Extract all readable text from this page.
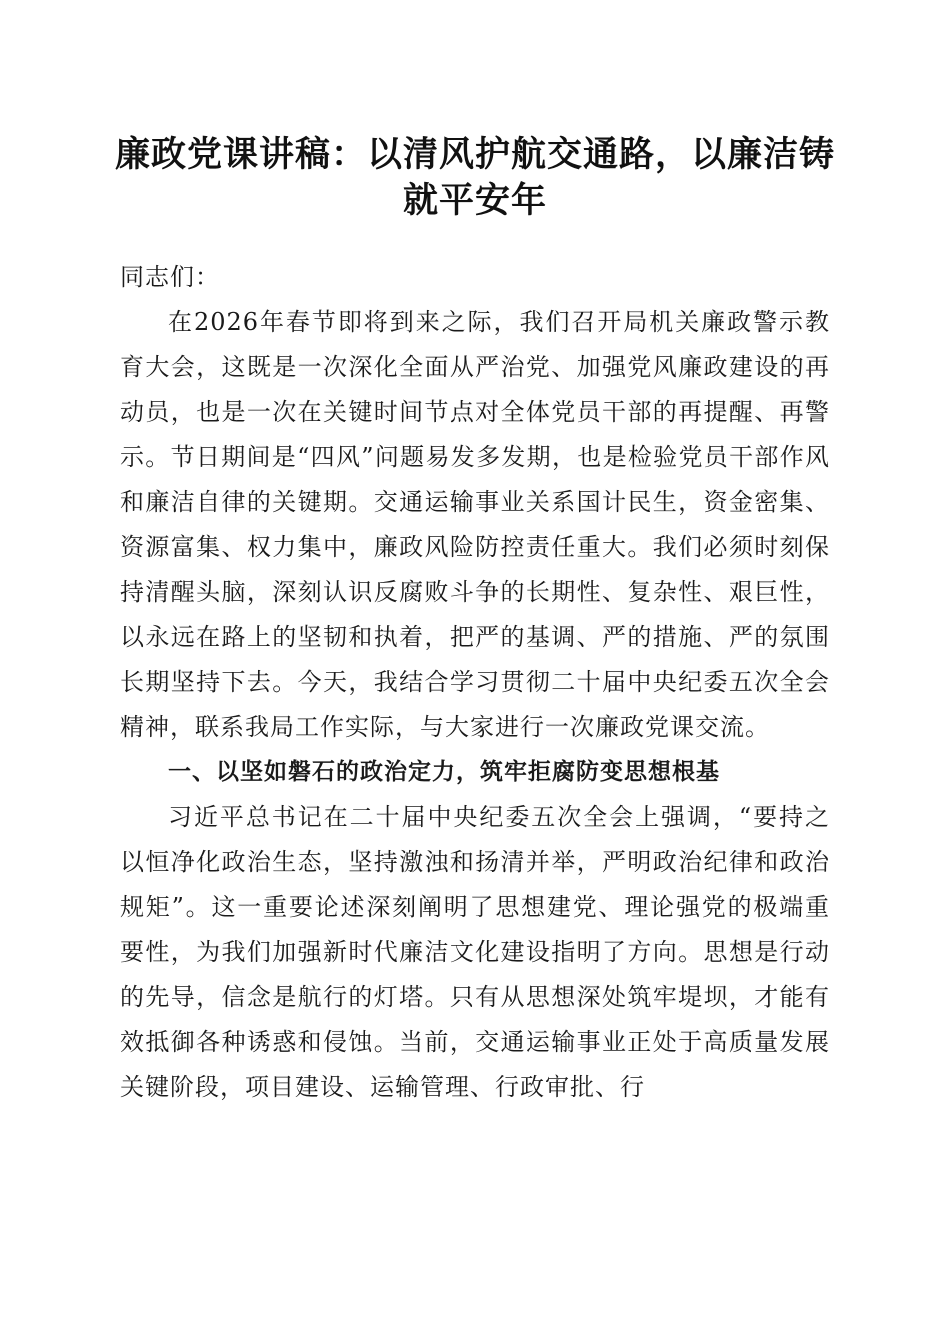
廉政党课讲稿：以清风护航交通路，以廉洁铸就平安年

同志们：

在2026年春节即将到来之际，我们召开局机关廉政警示教育大会，这既是一次深化全面从严治党、加强党风廉政建设的再动员，也是一次在关键时间节点对全体党员干部的再提醒、再警示。节日期间是“四风”问题易发多发期，也是检验党员干部作风和廉洁自律的关键期。交通运输事业关系国计民生，资金密集、资源富集、权力集中，廉政风险防控责任重大。我们必须时刻保持清醒头脑，深刻认识反腐败斗争的长期性、复杂性、艰巨性，以永远在路上的坚韧和执着，把严的基调、严的措施、严的氛围长期坚持下去。今天，我结合学习贯彻二十届中央纪委五次全会精神，联系我局工作实际，与大家进行一次廉政党课交流。

一、以坚如磐石的政治定力，筑牢拒腐防变思想根基

习近平总书记在二十届中央纪委五次全会上强调，“要持之以恒净化政治生态，坚持激浊和扬清并举，严明政治纪律和政治规矩”。这一重要论述深刻阐明了思想建党、理论强党的极端重要性，为我们加强新时代廉洁文化建设指明了方向。思想是行动的先导，信念是航行的灯塔。只有从思想深处筑牢堤坝，才能有效抵御各种诱惑和侵蚀。当前，交通运输事业正处于高质量发展关键阶段，项目建设、运输管理、行政审批、行
